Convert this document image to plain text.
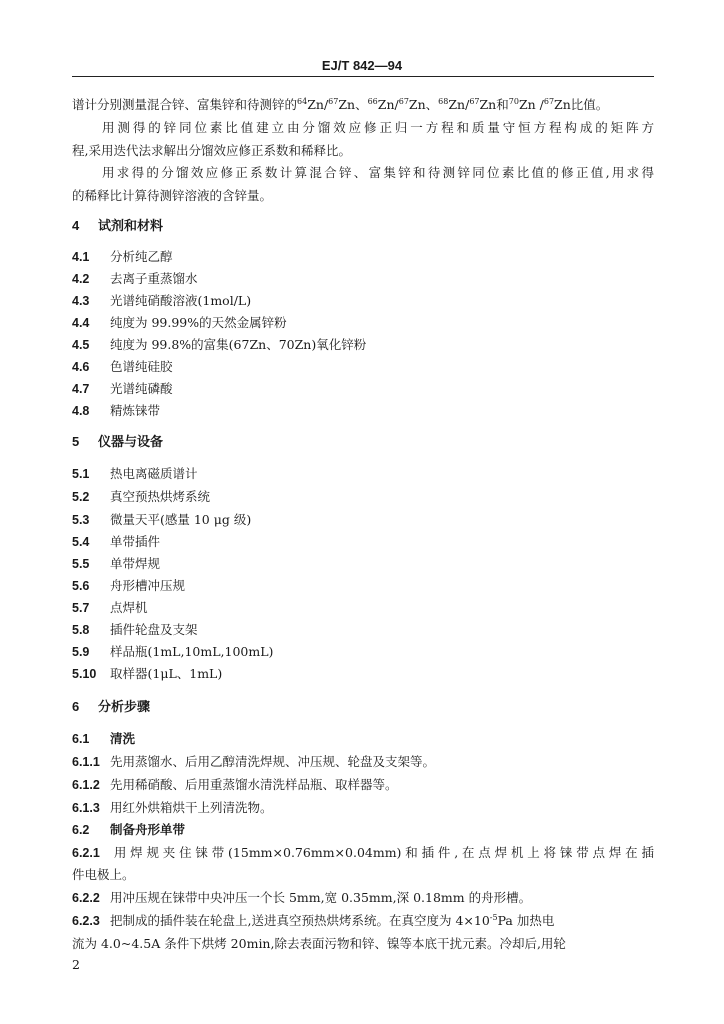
EJ/T 842—94
谱计分别测量混合锌、富集锌和待测锌的$^{64}$Zn/$^{67}$Zn、$^{66}$Zn/$^{67}$Zn、$^{68}$Zn/$^{67}$Zn和$^{70}$Zn /$^{67}$Zn比值。
用测得的锌同位素比值建立由分馏效应修正归一方程和质量守恒方程构成的矩阵方
程,采用迭代法求解出分馏效应修正系数和稀释比。
用求得的分馏效应修正系数计算混合锌、富集锌和待测锌同位素比值的修正值,用求得
的稀释比计算待测锌溶液的含锌量。
4 试剂和材料
4.1 分析纯乙醇
4.2 去离子重蒸馏水
4.3 光谱纯硝酸溶液(1mol/L)
4.4 纯度为 99.99%的天然金属锌粉
4.5 纯度为 99.8%的富集(67Zn、70Zn)氧化锌粉
4.6 色谱纯硅胶
4.7 光谱纯磷酸
4.8 精炼铼带
5 仪器与设备
5.1 热电离磁质谱计
5.2 真空预热烘烤系统
5.3 微量天平(感量 10 μg 级)
5.4 单带插件
5.5 单带焊规
5.6 舟形槽冲压规
5.7 点焊机
5.8 插件轮盘及支架
5.9 样品瓶(1mL,10mL,100mL)
5.10 取样器(1μL、1mL)
6 分析步骤
6.1 清洗
6.1.1 先用蒸馏水、后用乙醇清洗焊规、冲压规、轮盘及支架等。
6.1.2 先用稀硝酸、后用重蒸馏水清洗样品瓶、取样器等。
6.1.3 用红外烘箱烘干上列清洗物。
6.2 制备舟形单带
6.2.1 用焊规夹住铼带(15mm×0.76mm×0.04mm)和插件,在点焊机上将铼带点焊在插
件电极上。
6.2.2 用冲压规在铼带中央冲压一个长 5mm,宽 0.35mm,深 0.18mm 的舟形槽。
6.2.3 把制成的插件装在轮盘上,送进真空预热烘烤系统。在真空度为 $4\times 10^{-5}Pa$ 加热电
流为 4.0~4.5A 条件下烘烤 20min,除去表面污物和锌、镍等本底干扰元素。冷却后,用轮
2
